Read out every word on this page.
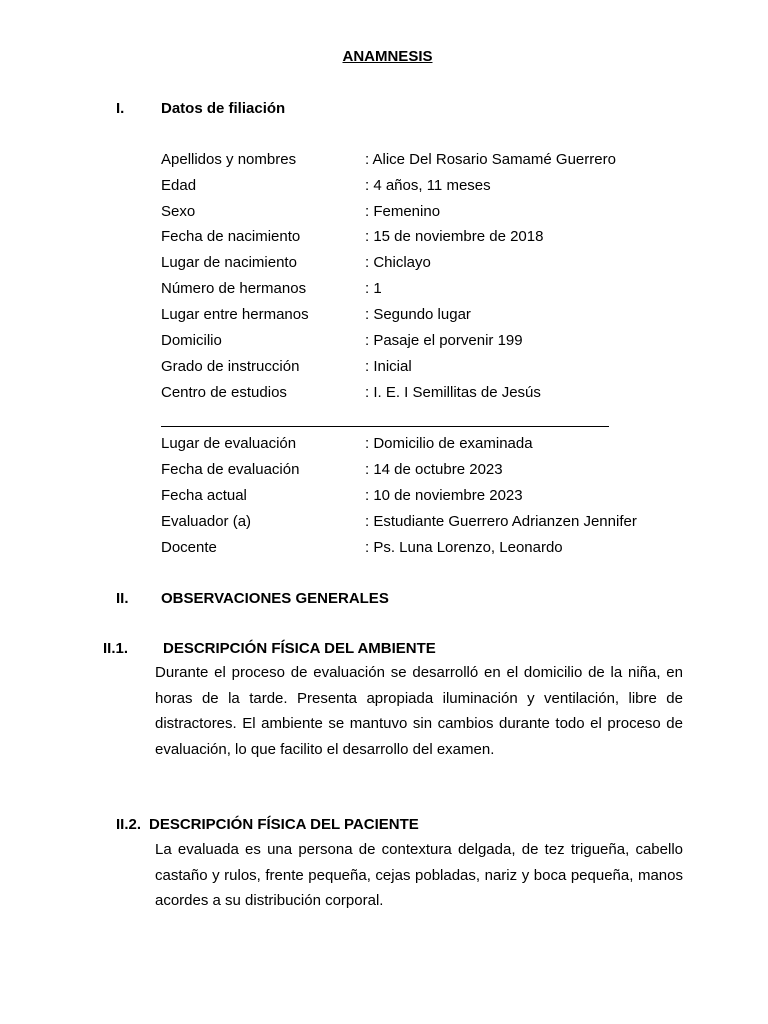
ANAMNESIS
I. Datos de filiación
Apellidos y nombres	: Alice Del Rosario Samamé Guerrero
Edad	: 4 años, 11 meses
Sexo	: Femenino
Fecha de nacimiento	: 15 de noviembre de 2018
Lugar de nacimiento	: Chiclayo
Número de hermanos	: 1
Lugar entre hermanos	: Segundo lugar
Domicilio	: Pasaje el porvenir 199
Grado de instrucción	: Inicial
Centro de estudios	: I. E. I Semillitas de Jesús
Lugar de evaluación	: Domicilio de examinada
Fecha de evaluación	: 14 de octubre 2023
Fecha actual	: 10 de noviembre 2023
Evaluador (a)	: Estudiante Guerrero Adrianzen Jennifer
Docente	: Ps. Luna Lorenzo, Leonardo
II. OBSERVACIONES GENERALES
II.1. DESCRIPCIÓN FÍSICA DEL AMBIENTE
Durante el proceso de evaluación se desarrolló en el domicilio de la niña, en horas de la tarde. Presenta apropiada iluminación y ventilación, libre de distractores. El ambiente se mantuvo sin cambios durante todo el proceso de evaluación, lo que facilito el desarrollo del examen.
II.2. DESCRIPCIÓN FÍSICA DEL PACIENTE
La evaluada es una persona de contextura delgada, de tez trigueña, cabello castaño y rulos, frente pequeña, cejas pobladas, nariz y boca pequeña, manos acordes a su distribución corporal.
